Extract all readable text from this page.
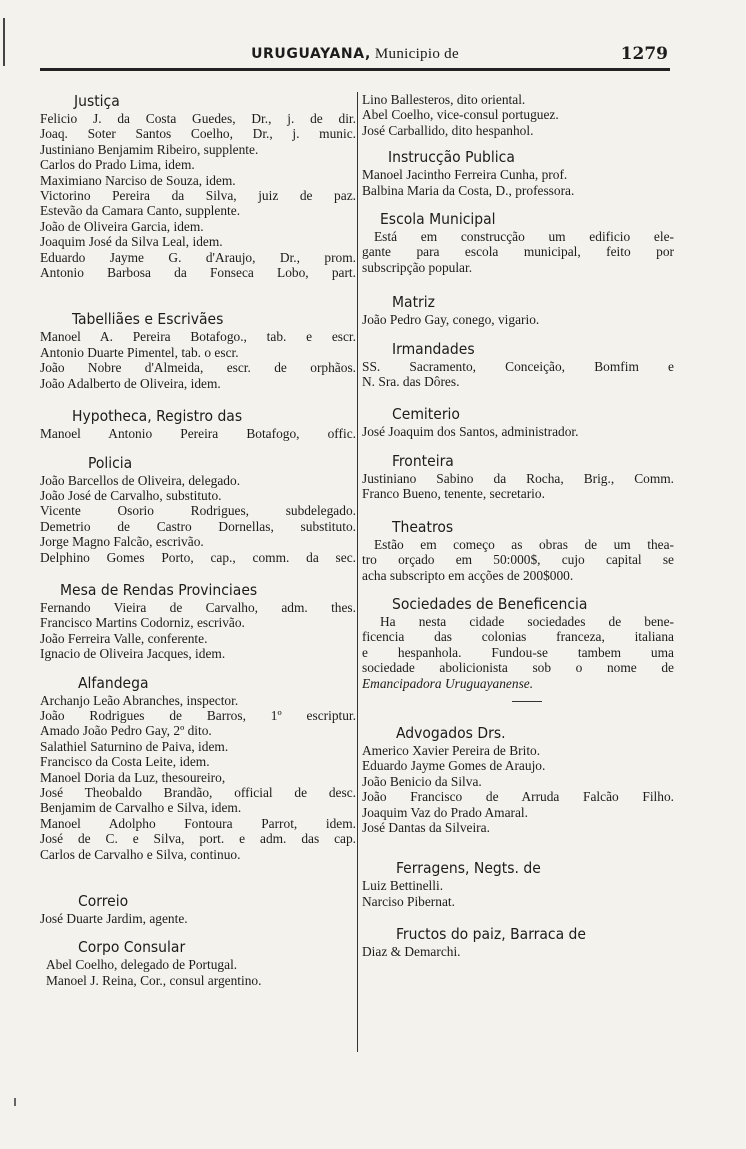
URUGUAYANA, Municipio de	1279
Justiça
Felicio J. da Costa Guedes, Dr., j. de dir.
Joaq. Soter Santos Coelho, Dr., j. munic.
Justiniano Benjamim Ribeiro, supplente.
Carlos do Prado Lima, idem.
Maximiano Narciso de Souza, idem.
Victorino Pereira da Silva, juiz de paz.
Estevão da Camara Canto, supplente.
João de Oliveira Garcia, idem.
Joaquim José da Silva Leal, idem.
Eduardo Jayme G. d'Araujo, Dr., prom.
Antonio Barbosa da Fonseca Lobo, part.
Tabelliães e Escrivães
Manoel A. Pereira Botafogo., tab. e escr.
Antonio Duarte Pimentel, tab. o escr.
João Nobre d'Almeida, escr. de orphãos.
João Adalberto de Oliveira, idem.
Hypotheca, Registro das
Manoel Antonio Pereira Botafogo, offic.
Policia
João Barcellos de Oliveira, delegado.
João José de Carvalho, substituto.
Vicente Osorio Rodrigues, subdelegado.
Demetrio de Castro Dornellas, substituto.
Jorge Magno Falcão, escrivão.
Delphino Gomes Porto, cap., comm. da sec.
Mesa de Rendas Provinciaes
Fernando Vieira de Carvalho, adm. thes.
Francisco Martins Codorniz, escrivão.
João Ferreira Valle, conferente.
Ignacio de Oliveira Jacques, idem.
Alfandega
Archanjo Leão Abranches, inspector.
João Rodrigues de Barros, 1º escriptur.
Amado João Pedro Gay, 2º dito.
Salathiel Saturnino de Paiva, idem.
Francisco da Costa Leite, idem.
Manoel Doria da Luz, thesoureiro,
José Theobaldo Brandão, official de desc.
Benjamim de Carvalho e Silva, idem.
Manoel Adolpho Fontoura Parrot, idem.
José de C. e Silva, port. e adm. das cap.
Carlos de Carvalho e Silva, continuo.
Correio
José Duarte Jardim, agente.
Corpo Consular
Abel Coelho, delegado de Portugal.
Manoel J. Reina, Cor., consul argentino.
Lino Ballesteros, dito oriental.
Abel Coelho, vice-consul portuguez.
José Carballido, dito hespanhol.
Instrucção Publica
Manoel Jacintho Ferreira Cunha, prof.
Balbina Maria da Costa, D., professora.
Escola Municipal
Está em construcção um edificio ele-
gante para escola municipal, feito por
subscripção popular.
Matriz
João Pedro Gay, conego, vigario.
Irmandades
SS. Sacramento, Conceição, Bomfim e
N. Sra. das Dôres.
Cemiterio
José Joaquim dos Santos, administrador.
Fronteira
Justiniano Sabino da Rocha, Brig., Comm.
Franco Bueno, tenente, secretario.
Theatros
Estão em começo as obras de um thea-
tro orçado em 50:000$, cujo capital se
acha subscripto em acções de 200$000.
Sociedades de Beneficencia
Ha nesta cidade sociedades de bene-
ficencia das colonias franceza, italiana
e hespanhola. Fundou-se tambem uma
sociedade abolicionista sob o nome de
Emancipadora Uruguayanense.
Advogados Drs.
Americo Xavier Pereira de Brito.
Eduardo Jayme Gomes de Araujo.
João Benicio da Silva.
João Francisco de Arruda Falcão Filho.
Joaquim Vaz do Prado Amaral.
José Dantas da Silveira.
Ferragens, Negts. de
Luiz Bettinelli.
Narciso Pibernat.
Fructos do paiz, Barraca de
Diaz & Demarchi.
